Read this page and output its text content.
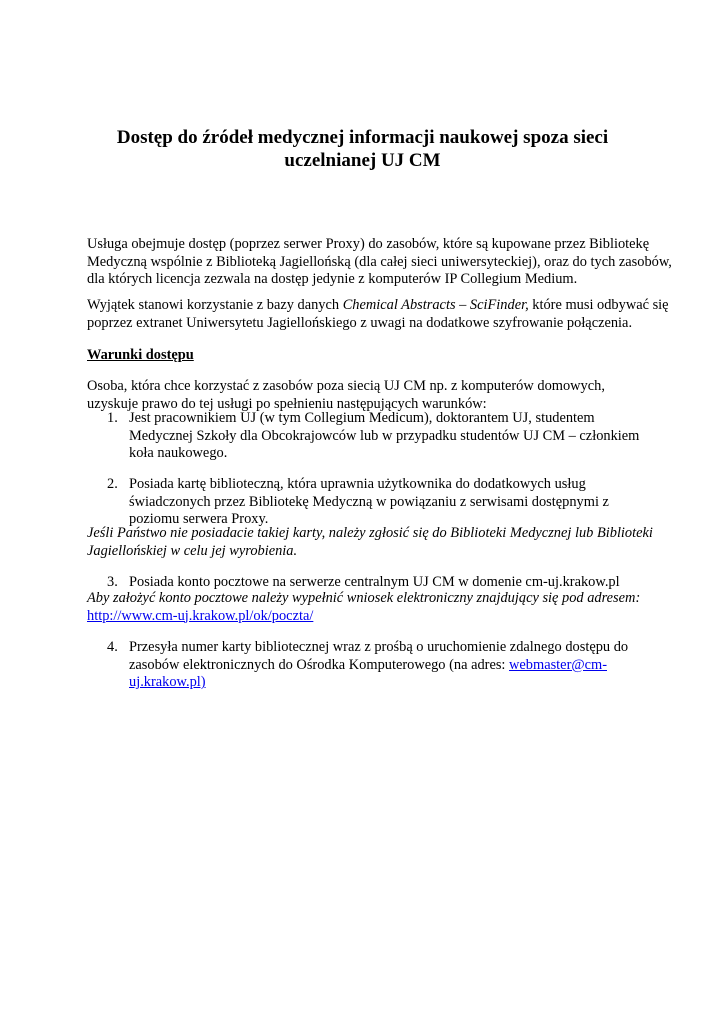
Dostęp do źródeł medycznej informacji naukowej spoza sieci
uczelnianej UJ CM
Usługa obejmuje dostęp (poprzez serwer Proxy) do zasobów, które są kupowane przez Bibliotekę
Medyczną wspólnie z Biblioteką Jagiellońską (dla całej sieci uniwersyteckiej), oraz do tych zasobów,
dla których licencja zezwala na dostęp jedynie z komputerów IP Collegium Medium.
Wyjątek stanowi korzystanie z bazy danych Chemical Abstracts – SciFinder, które musi odbywać się
poprzez extranet Uniwersytetu Jagiellońskiego z uwagi na dodatkowe szyfrowanie połączenia.
Warunki dostępu
Osoba, która chce korzystać z zasobów poza siecią UJ CM np. z komputerów domowych,
uzyskuje prawo do tej usługi po spełnieniu następujących warunków:
1. Jest pracownikiem UJ (w tym Collegium Medicum), doktorantem UJ, studentem
Medycznej Szkoły dla Obcokrajowców lub w przypadku studentów UJ CM – członkiem
koła naukowego.
2. Posiada kartę biblioteczną, która uprawnia użytkownika do dodatkowych usług
świadczonych przez Bibliotekę Medyczną w powiązaniu z serwisami dostępnymi z
poziomu serwera Proxy.
Jeśli Państwo nie posiadacie takiej karty, należy zgłosić się do Biblioteki Medycznej lub Biblioteki
Jagiellońskiej w celu jej wyrobienia.
3. Posiada konto pocztowe na serwerze centralnym UJ CM w domenie cm-uj.krakow.pl
Aby założyć konto pocztowe należy wypełnić wniosek elektroniczny znajdujący się pod adresem:
http://www.cm-uj.krakow.pl/ok/poczta/
4. Przesyła numer karty bibliotecznej wraz z prośbą o uruchomienie zdalnego dostępu do
zasobów elektronicznych do Ośrodka Komputerowego (na adres: webmaster@cm-
uj.krakow.pl)
